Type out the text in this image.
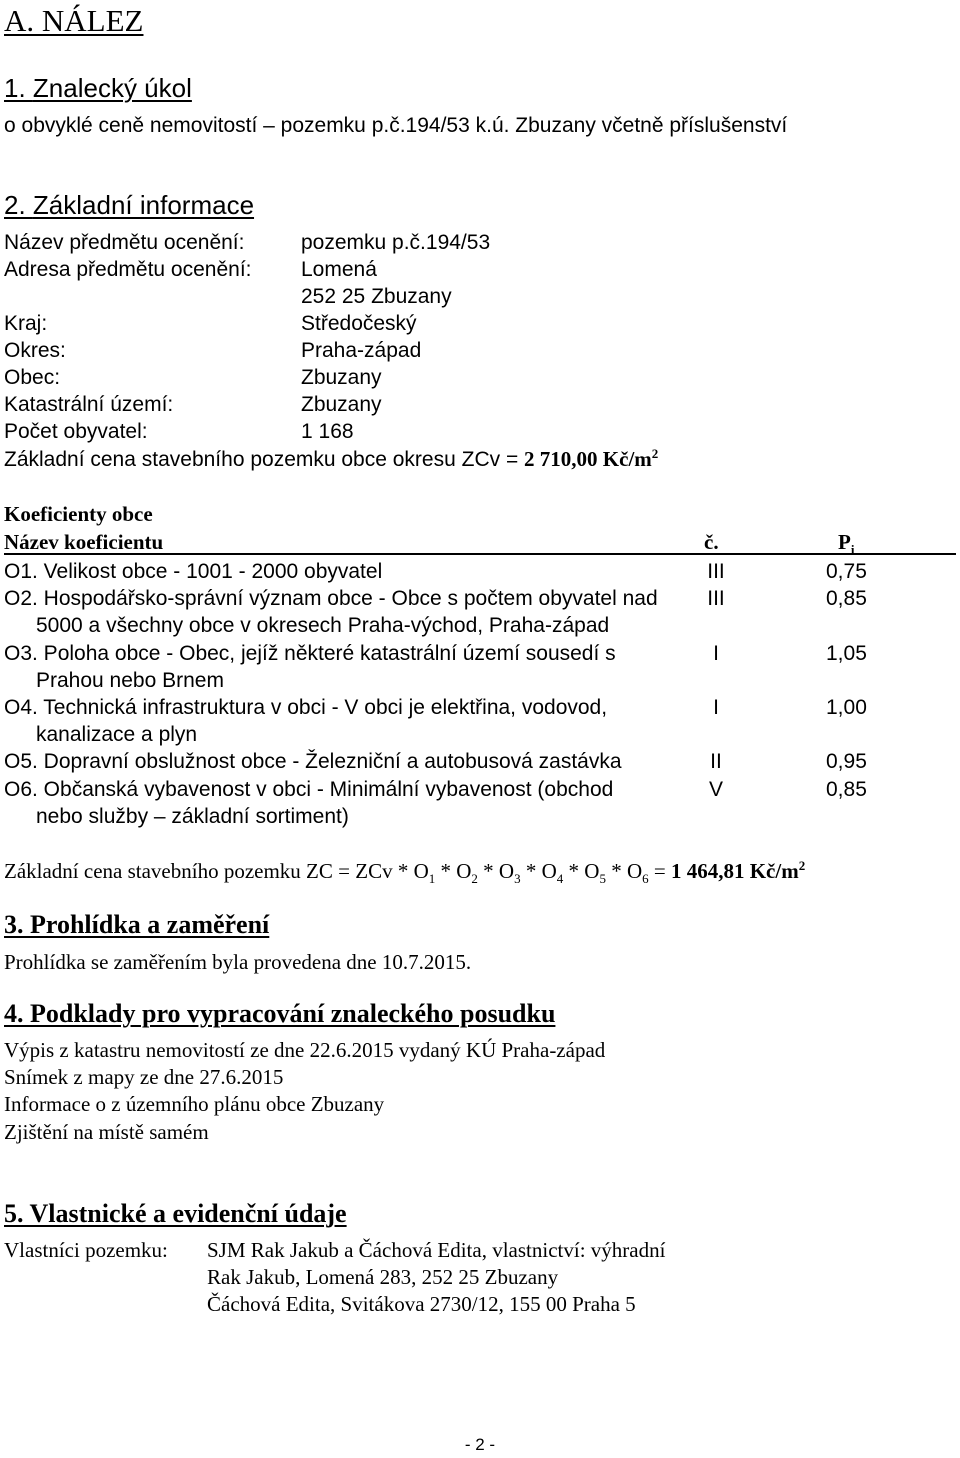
A. NÁLEZ
1. Znalecký úkol
o obvyklé ceně nemovitostí – pozemku p.č.194/53 k.ú. Zbuzany včetně příslušenství
2. Základní informace
Název předmětu ocenění:	pozemku p.č.194/53
Adresa předmětu ocenění: Lomená
252 25 Zbuzany
Kraj:	Středočeský
Okres:	Praha-západ
Obec:	Zbuzany
Katastrální území:	Zbuzany
Počet obyvatel:	1 168
Základní cena stavebního pozemku obce okresu ZCv = 2 710,00 $Kč/m^2$
Koeficienty obce
Název koeficientu	č.	$P_i$
O1. Velikost obce - 1001 - 2000 obyvatel	III	0,75
O2. Hospodářsko-správní význam obce - Obce s počtem obyvatel nad	III	0,85
5000 a všechny obce v okresech Praha-východ, Praha-západ
O3. Poloha obce - Obec, jejíž některé katastrální území sousedí s	I	1,05
Prahou nebo Brnem
O4. Technická infrastruktura v obci - V obci je elektřina, vodovod,	I	1,00
kanalizace a plyn
O5. Dopravní obslužnost obce - Železniční a autobusová zastávka	II	0,95
O6. Občanská vybavenost v obci - Minimální vybavenost (obchod	V	0,85
nebo služby – základní sortiment)
Základní cena stavebního pozemku ZC = ZCv * $O_1 * O_2 * O_3 * O_4 * O_5 * O_6 = 1$ 464,81 $Kč/m^2$
3. Prohlídka a zaměření
Prohlídka se zaměřením byla provedena dne 10.7.2015.
4. Podklady pro vypracování znaleckého posudku
Výpis z katastru nemovitostí ze dne 22.6.2015 vydaný KÚ Praha-západ
Snímek z mapy ze dne 27.6.2015
Informace o z územního plánu obce Zbuzany
Zjištění na místě samém
5. Vlastnické a evidenční údaje
Vlastníci pozemku: SJM Rak Jakub a Čáchová Edita, vlastnictví: výhradní
Rak Jakub, Lomená 283, 252 25 Zbuzany
Čáchová Edita, Svitákova 2730/12, 155 00 Praha 5
- 2 -
